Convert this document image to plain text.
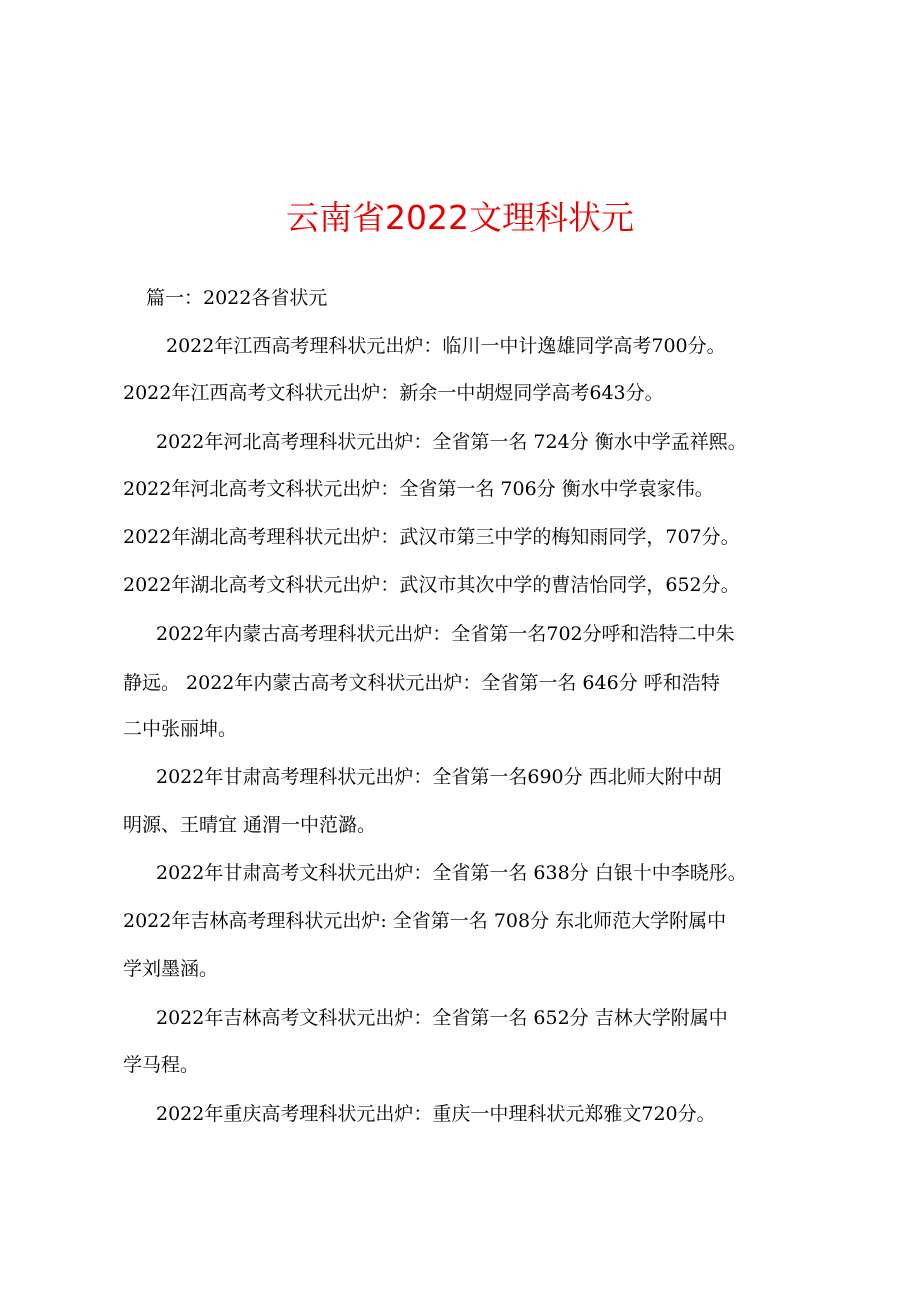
云南省2022文理科状元
篇一：2022各省状元
2022年江西高考理科状元出炉：临川一中计逸雄同学高考700分。
2022年江西高考文科状元出炉：新余一中胡煜同学高考643分。
2022年河北高考理科状元出炉：全省第一名 724分 衡水中学孟祥熙。
2022年河北高考文科状元出炉：全省第一名 706分 衡水中学袁家伟。
2022年湖北高考理科状元出炉：武汉市第三中学的梅知雨同学，707分。
2022年湖北高考文科状元出炉：武汉市其次中学的曹洁怡同学，652分。
2022年内蒙古高考理科状元出炉：全省第一名702分呼和浩特二中朱
静远。 2022年内蒙古高考文科状元出炉：全省第一名 646分 呼和浩特
二中张丽坤。
2022年甘肃高考理科状元出炉：全省第一名690分 西北师大附中胡
明源、王晴宜 通渭一中范潞。
2022年甘肃高考文科状元出炉：全省第一名 638分 白银十中李晓彤。
2022年吉林高考理科状元出炉: 全省第一名 708分 东北师范大学附属中
学刘墨涵。
2022年吉林高考文科状元出炉：全省第一名 652分 吉林大学附属中
学马程。
2022年重庆高考理科状元出炉：重庆一中理科状元郑雅文720分。
